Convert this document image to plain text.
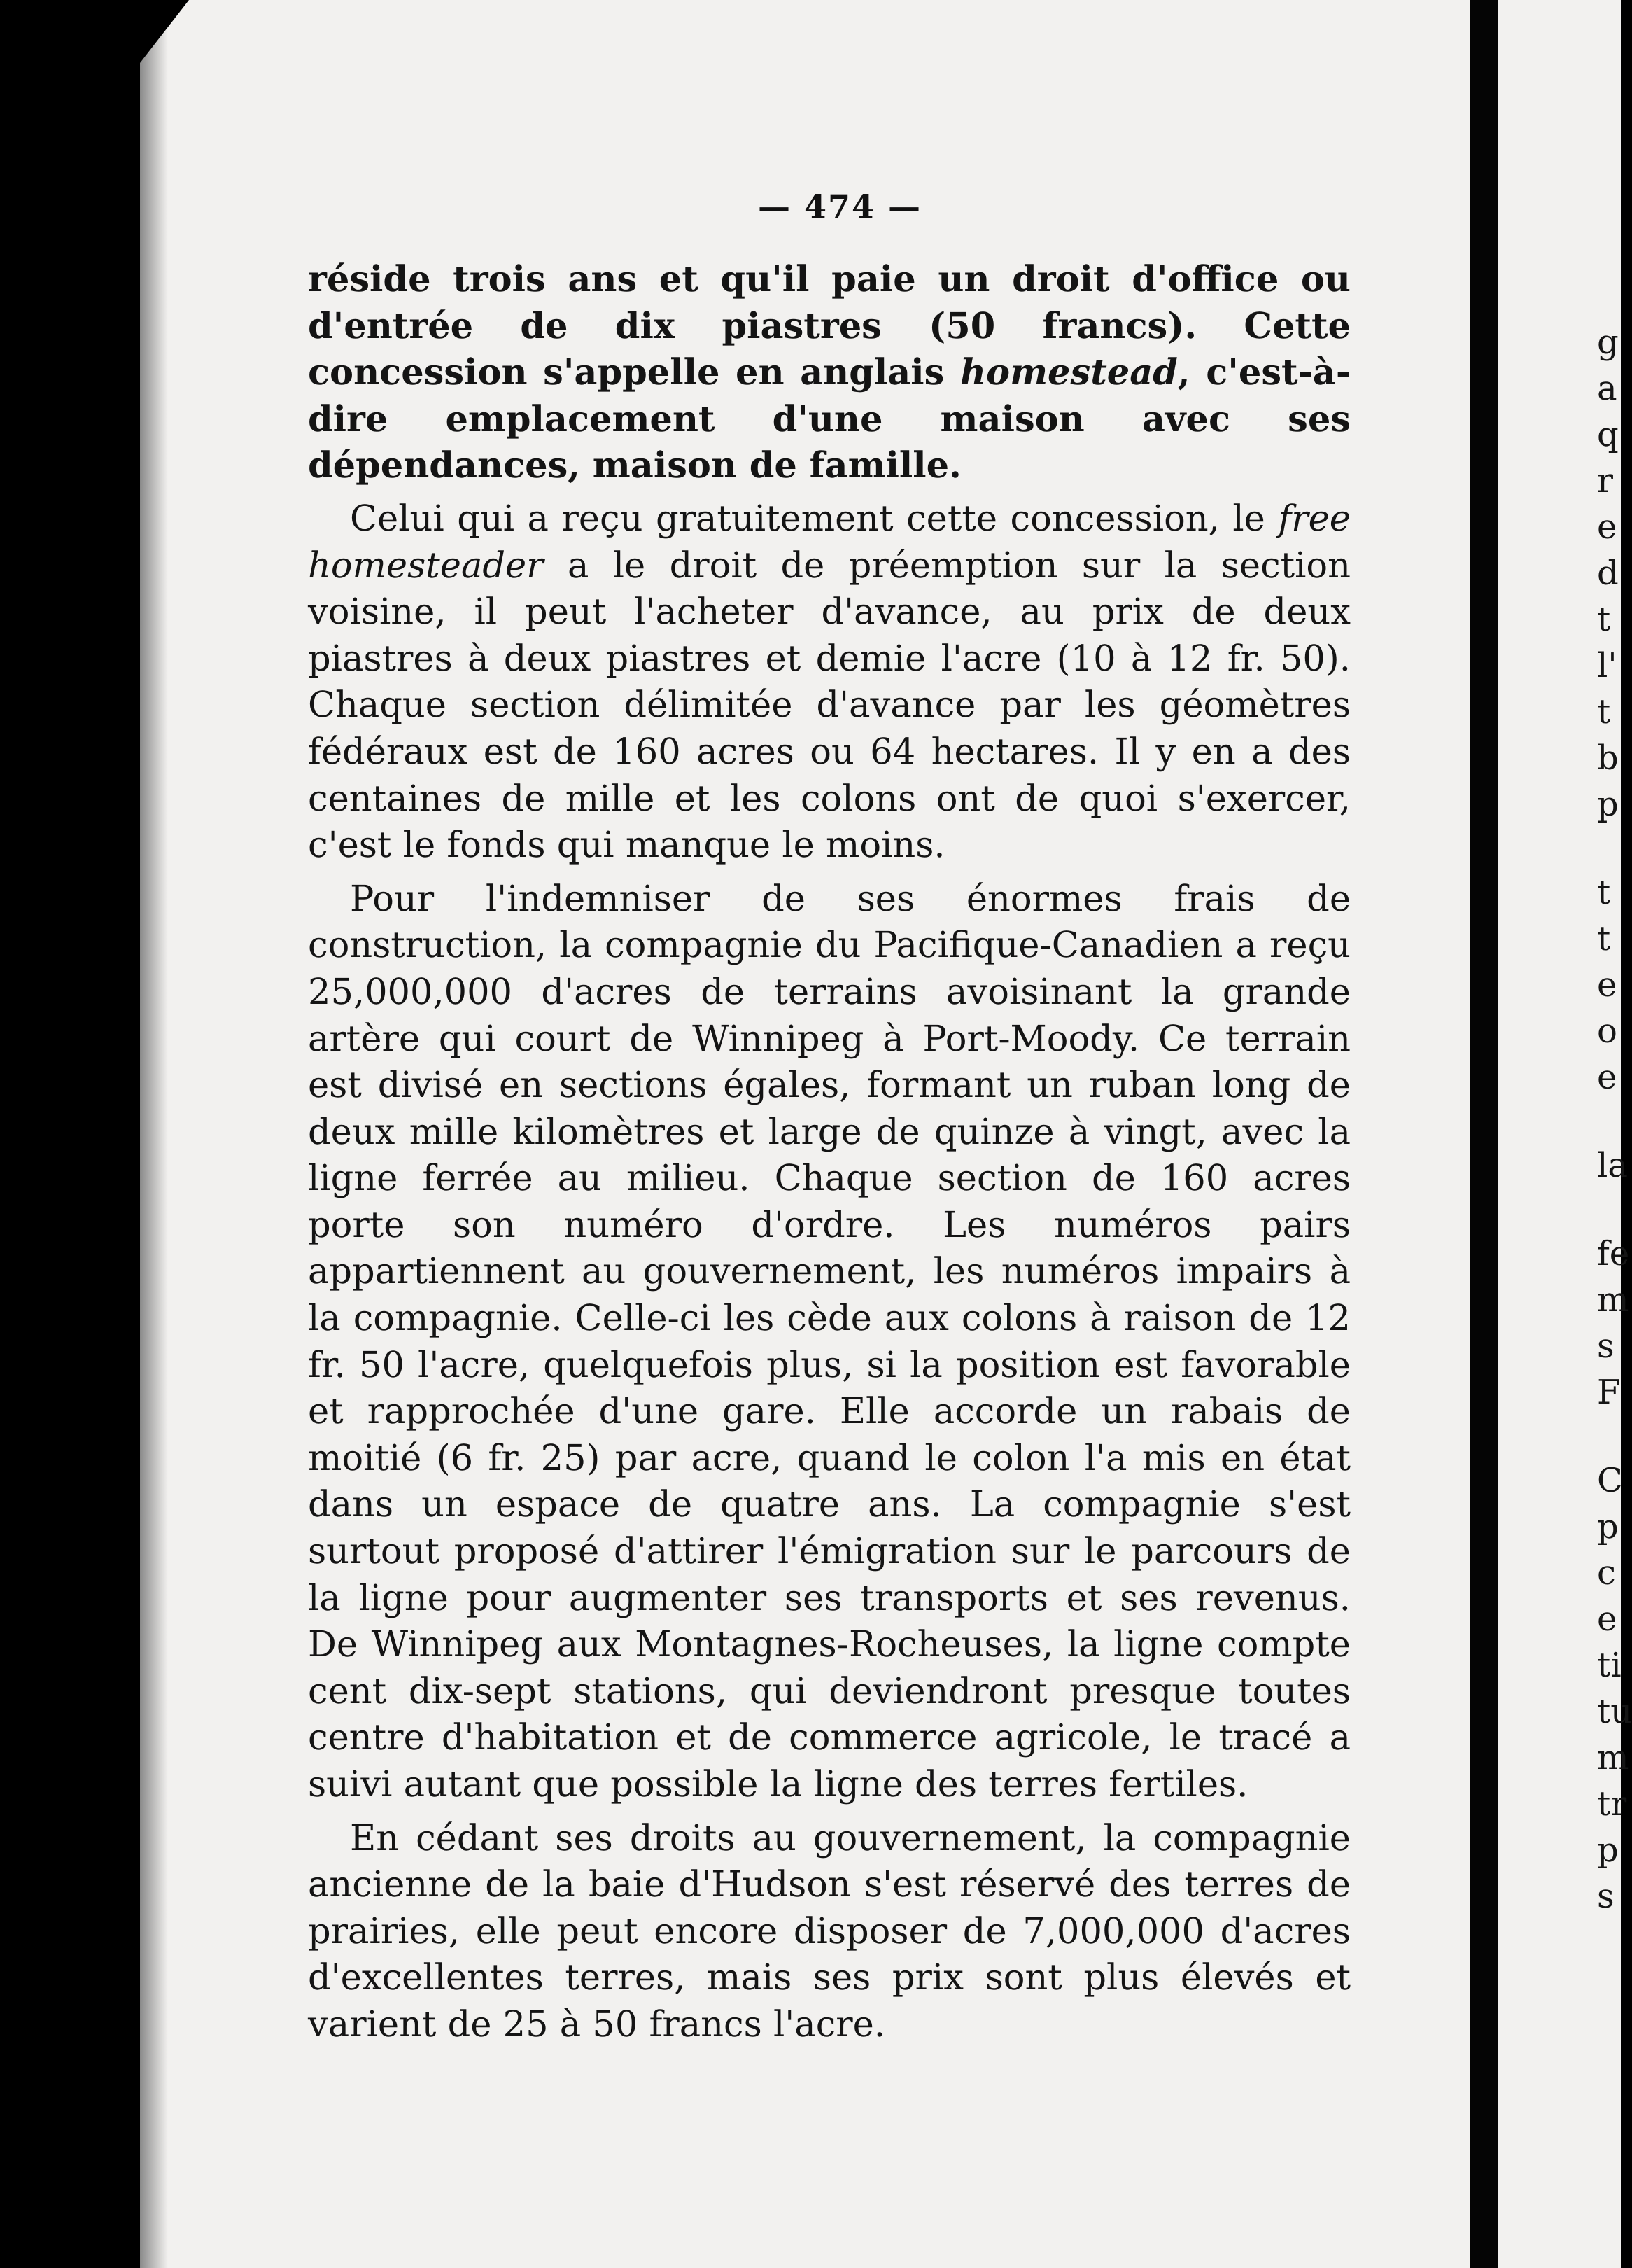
— 474 —

réside trois ans et qu'il paie un droit d'office ou d'entrée de dix piastres (50 francs). Cette concession s'appelle en anglais homestead, c'est-à-dire emplacement d'une maison avec ses dépendances, maison de famille.

Celui qui a reçu gratuitement cette concession, le free homesteader a le droit de préemption sur la section voisine, il peut l'acheter d'avance, au prix de deux piastres à deux piastres et demie l'acre (10 à 12 fr. 50). Chaque section délimitée d'avance par les géomètres fédéraux est de 160 acres ou 64 hectares. Il y en a des centaines de mille et les colons ont de quoi s'exercer, c'est le fonds qui manque le moins.

Pour l'indemniser de ses énormes frais de construction, la compagnie du Pacifique-Canadien a reçu 25,000,000 d'acres de terrains avoisinant la grande artère qui court de Winnipeg à Port-Moody. Ce terrain est divisé en sections égales, formant un ruban long de deux mille kilomètres et large de quinze à vingt, avec la ligne ferrée au milieu. Chaque section de 160 acres porte son numéro d'ordre. Les numéros pairs appartiennent au gouvernement, les numéros impairs à la compagnie. Celle-ci les cède aux colons à raison de 12 fr. 50 l'acre, quelquefois plus, si la position est favorable et rapprochée d'une gare. Elle accorde un rabais de moitié (6 fr. 25) par acre, quand le colon l'a mis en état dans un espace de quatre ans. La compagnie s'est surtout proposé d'attirer l'émigration sur le parcours de la ligne pour augmenter ses transports et ses revenus. De Winnipeg aux Montagnes-Rocheuses, la ligne compte cent dix-sept stations, qui deviendront presque toutes centre d'habitation et de commerce agricole, le tracé a suivi autant que possible la ligne des terres fertiles.

En cédant ses droits au gouvernement, la compagnie ancienne de la baie d'Hudson s'est réservé des terres de prairies, elle peut encore disposer de 7,000,000 d'acres d'excellentes terres, mais ses prix sont plus élevés et varient de 25 à 50 francs l'acre.

g
a
q
r
e
d
t
l'
t
b
p
t
t
e
o
e
la
fe
m
s
F
C
p
c
e
ti
tu
m
tr
p
s
